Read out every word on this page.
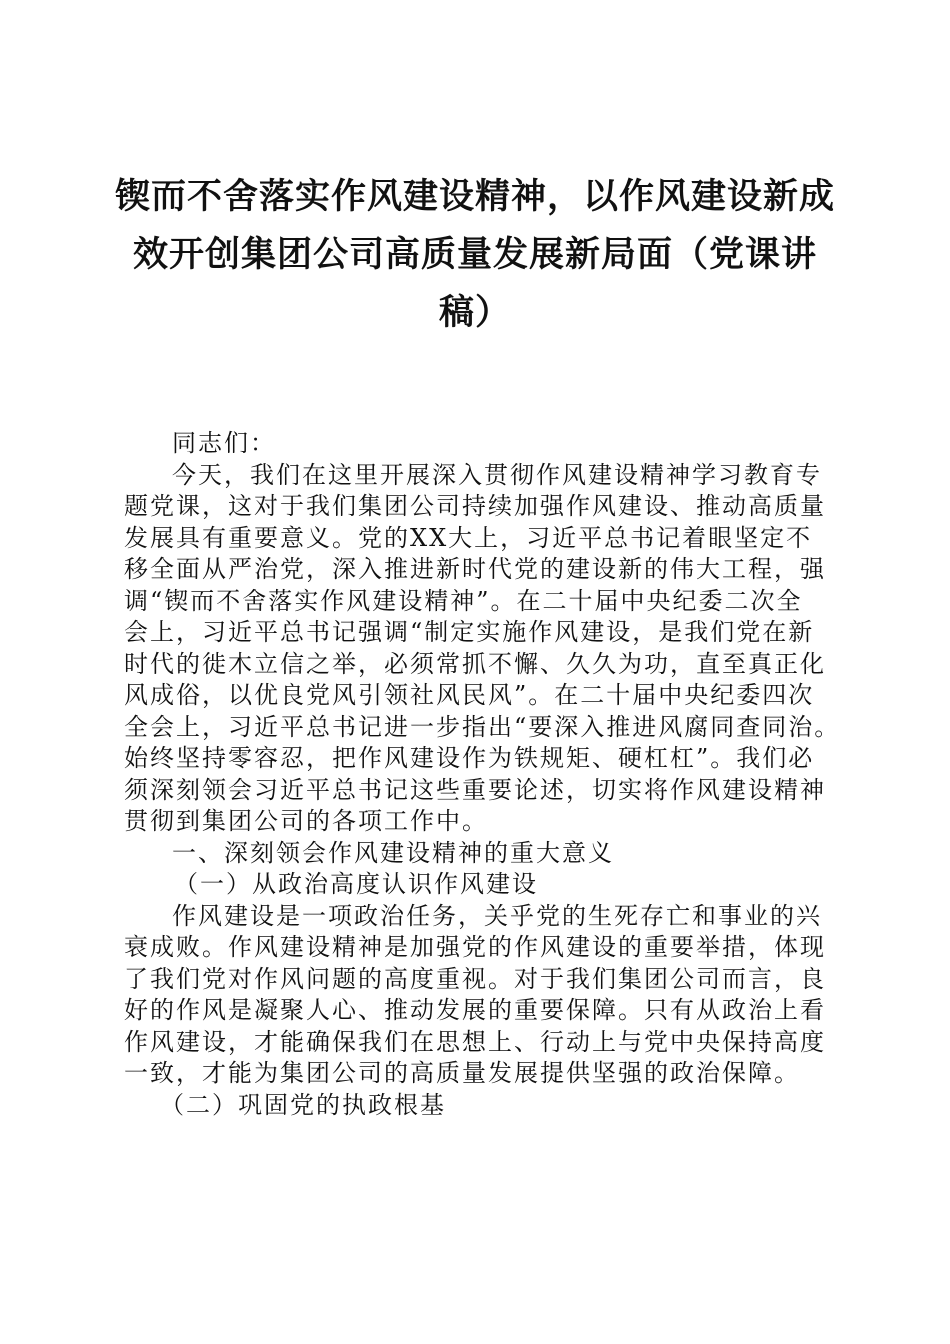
锲而不舍落实作风建设精神，以作风建设新成
效开创集团公司高质量发展新局面（党课讲
稿）
同志们：
今天，我们在这里开展深入贯彻作风建设精神学习教育专
题党课，这对于我们集团公司持续加强作风建设、推动高质量
发展具有重要意义。党的XX大上，习近平总书记着眼坚定不
移全面从严治党，深入推进新时代党的建设新的伟大工程，强
调“锲而不舍落实作风建设精神”。在二十届中央纪委二次全
会上，习近平总书记强调“制定实施作风建设，是我们党在新
时代的徙木立信之举，必须常抓不懈、久久为功，直至真正化
风成俗，以优良党风引领社风民风”。在二十届中央纪委四次
全会上，习近平总书记进一步指出“要深入推进风腐同查同治。
始终坚持零容忍，把作风建设作为铁规矩、硬杠杠”。我们必
须深刻领会习近平总书记这些重要论述，切实将作风建设精神
贯彻到集团公司的各项工作中。
一、深刻领会作风建设精神的重大意义
（一）从政治高度认识作风建设
作风建设是一项政治任务，关乎党的生死存亡和事业的兴
衰成败。作风建设精神是加强党的作风建设的重要举措，体现
了我们党对作风问题的高度重视。对于我们集团公司而言，良
好的作风是凝聚人心、推动发展的重要保障。只有从政治上看
作风建设，才能确保我们在思想上、行动上与党中央保持高度
一致，才能为集团公司的高质量发展提供坚强的政治保障。
（二）巩固党的执政根基
